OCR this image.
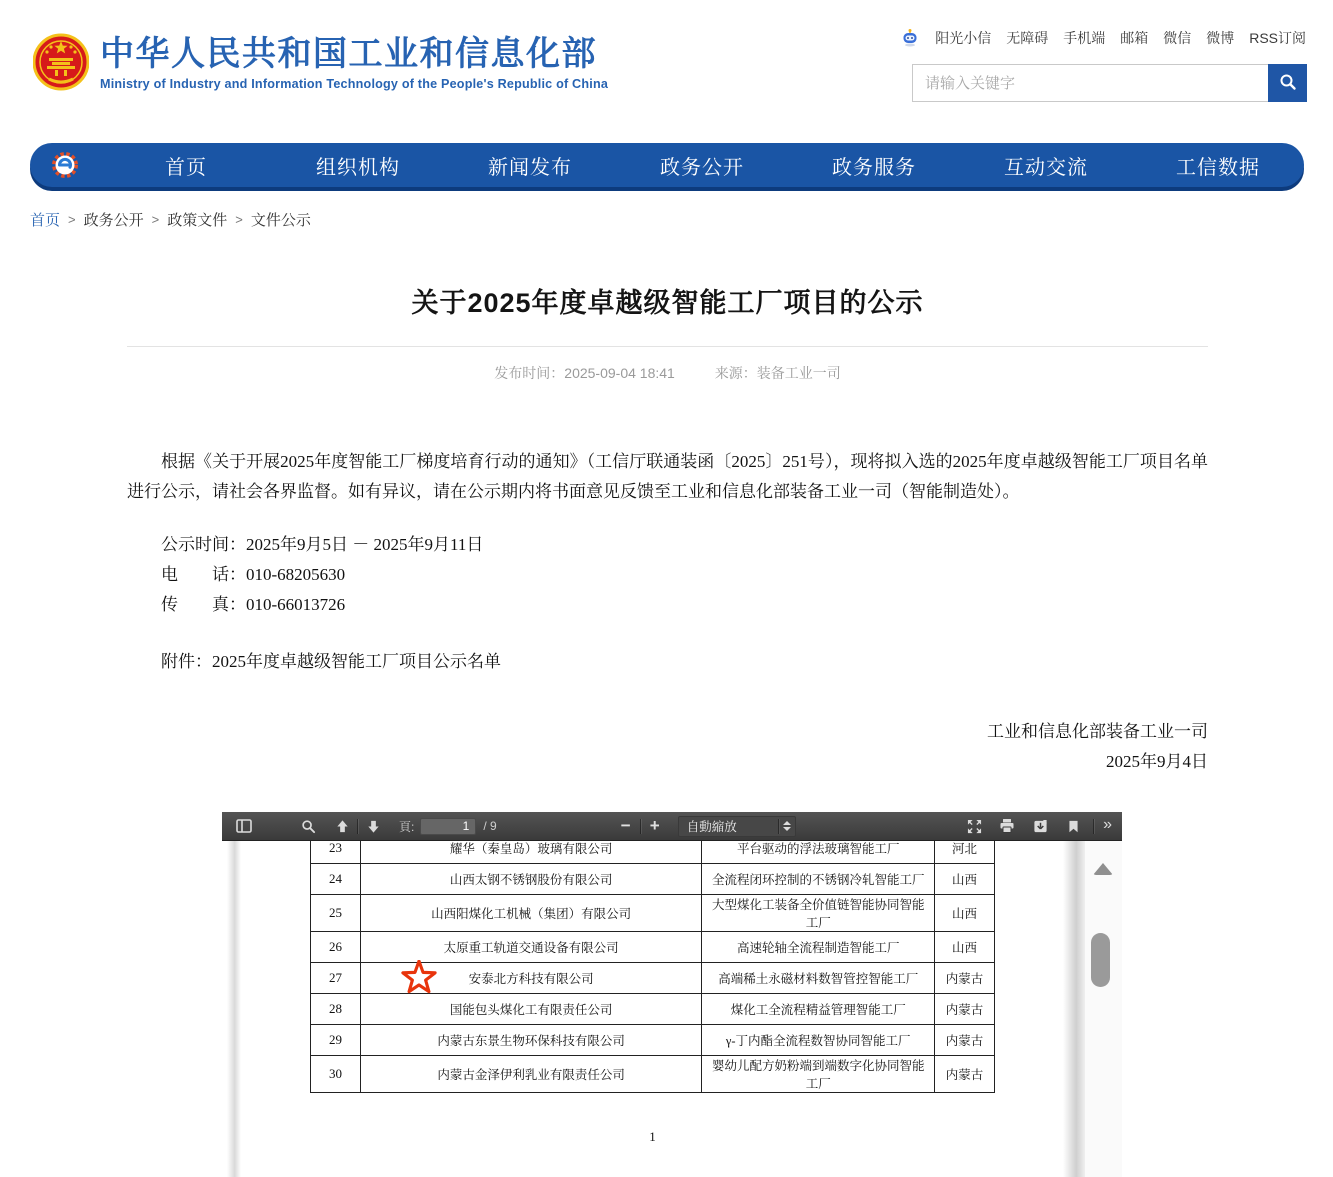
中华人民共和国工业和信息化部
Ministry of Industry and Information Technology of the People's Republic of China
阳光小信 无障碍 手机端 邮箱 微信 微博 RSS订阅
请输入关键字
首页	组织机构	新闻发布	政务公开	政务服务	互动交流	工信数据
首页 > 政务公开 > 政策文件 > 文件公示
关于2025年度卓越级智能工厂项目的公示
发布时间：2025-09-04 18:41	来源：装备工业一司

根据《关于开展2025年度智能工厂梯度培育行动的通知》（工信厅联通装函〔2025〕251号），现将拟入选的2025年度卓越级智能工厂项目名单进行公示，请社会各界监督。如有异议，请在公示期内将书面意见反馈至工业和信息化部装备工业一司（智能制造处）。

公示时间：2025年9月5日 － 2025年9月11日
电　　话：010-68205630
传　　真：010-66013726
附件：2025年度卓越级智能工厂项目公示名单
工业和信息化部装备工业一司
2025年9月4日
頁:
1	/ 9	−	+	自動縮放	»
23	耀华（秦皇岛）玻璃有限公司	平台驱动的浮法玻璃智能工厂	河北
24	山西太钢不锈钢股份有限公司	全流程闭环控制的不锈钢冷轧智能工厂	山西
25	山西阳煤化工机械（集团）有限公司	大型煤化工装备全价值链智能协同智能工厂	山西
26	太原重工轨道交通设备有限公司	高速轮轴全流程制造智能工厂	山西
27	安泰北方科技有限公司	高端稀土永磁材料数智管控智能工厂	内蒙古
28	国能包头煤化工有限责任公司	煤化工全流程精益管理智能工厂	内蒙古
29	内蒙古东景生物环保科技有限公司	γ-丁内酯全流程数智协同智能工厂	内蒙古
30	内蒙古金泽伊利乳业有限责任公司	婴幼儿配方奶粉端到端数字化协同智能工厂	内蒙古
1
